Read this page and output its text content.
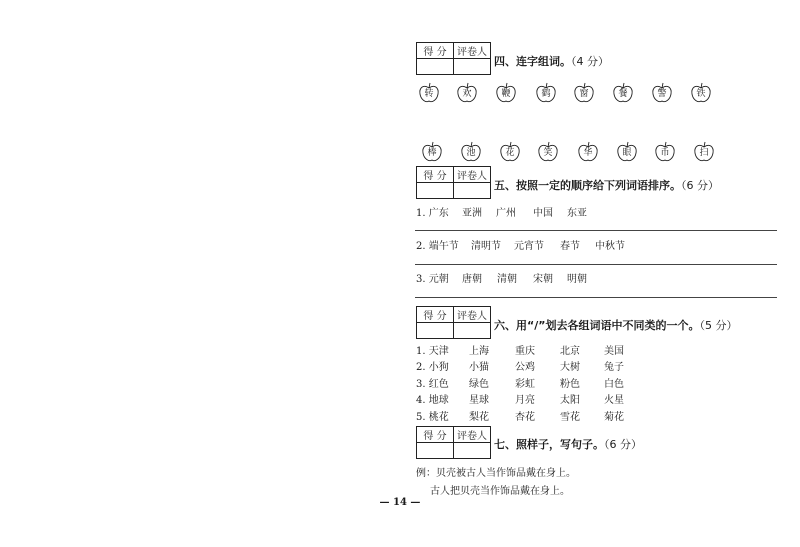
得 分	评卷人

四、连字组词。（4 分）
转	欢	鞭	鹤	窗	餐	警	铁
棒	池	花	笑	华	眼	币	扫
得 分	评卷人

五、按照一定的顺序给下列词语排序。（6 分）
1. 广东 亚洲 广州 中国 东亚
2. 端午节 清明节 元宵节 春节 中秋节
3. 元朝 唐朝 清朝 宋朝 明朝
得 分	评卷人

六、用“/”划去各组词语中不同类的一个。（5 分）
1. 天津 上海	重庆	北京 美国
2. 小狗 小猫	公鸡	大树 兔子
3. 红色 绿色	彩虹	粉色 白色
4. 地球 星球	月亮	太阳 火星
5. 桃花 梨花	杏花	雪花 菊花
得 分	评卷人

七、照样子，写句子。（6 分）
例：贝壳被古人当作饰品戴在身上。
古人把贝壳当作饰品戴在身上。
— 14 —
